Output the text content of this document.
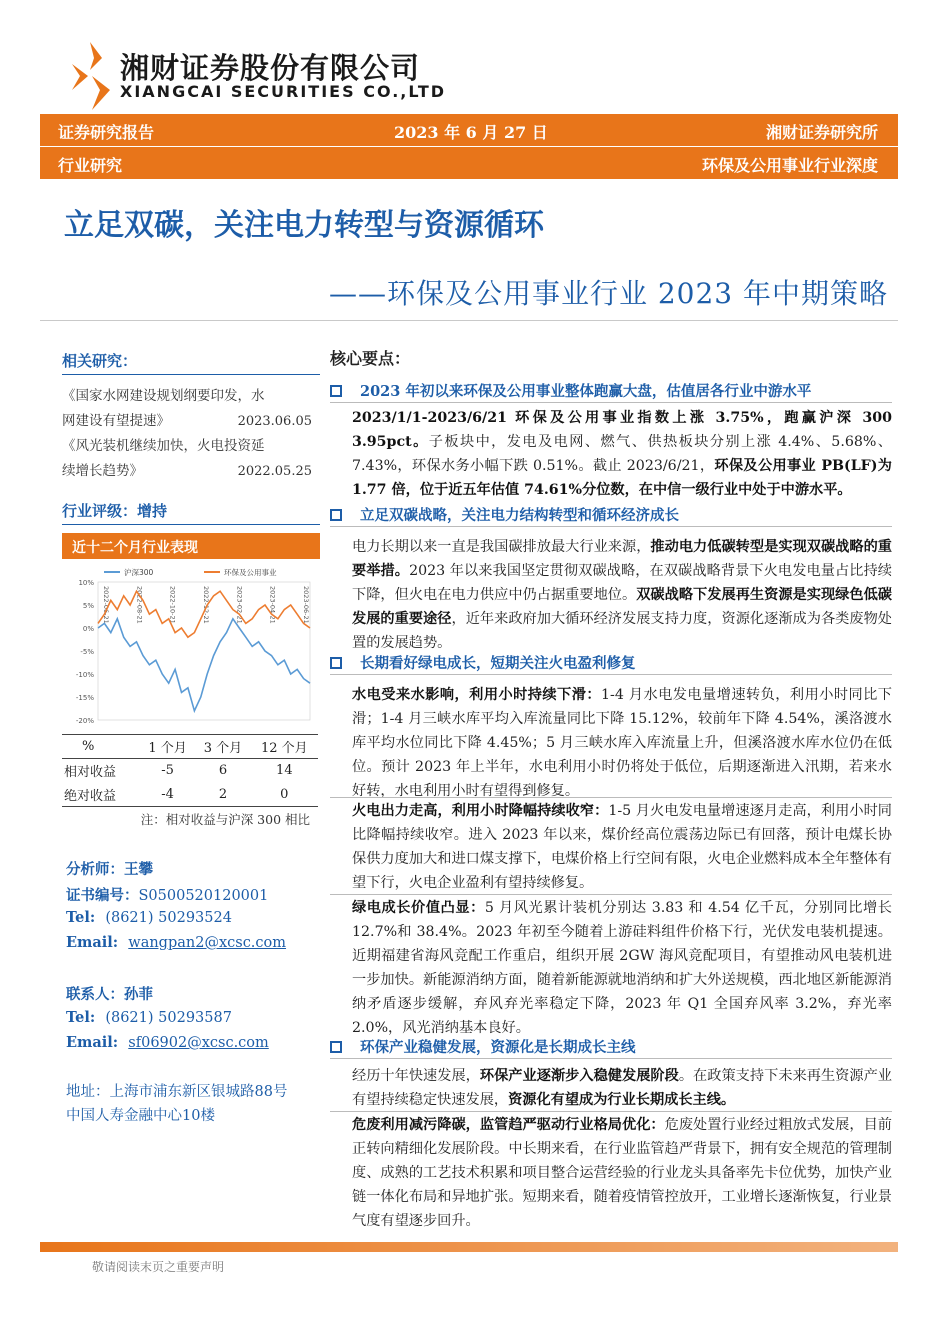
湘财证券股份有限公司
XIANGCAI SECURITIES CO.,LTD
证券研究报告	2023 年 6 月 27 日	湘财证券研究所
行业研究	环保及公用事业行业深度
立足双碳，关注电力转型与资源循环
——环保及公用事业行业 2023 年中期策略
相关研究：
《国家水网建设规划纲要印发，水
网建设有望提速》	2023.06.05
《风光装机继续加快，火电投资延
续增长趋势》	2022.05.25
行业评级：增持
近十二个月行业表现
沪深300	环保及公用事业
10%
5%
0%
-5%
-10%
-15%
-20%
2022-06-21	2022-08-21	2022-10-21	2022-12-21	2023-02-21	2023-04-21	2023-06-21
%	1 个月	3 个月	12 个月
相对收益	-5	6	14
绝对收益	-4	2	0
注：相对收益与沪深 300 相比
分析师：王攀
证书编号：S0500520120001
Tel: (8621) 50293524
Email: wangpan2@xcsc.com
联系人：孙菲
Tel: (8621) 50293587
Email: sf06902@xcsc.com
地址：上海市浦东新区银城路88号
中国人寿金融中心10楼
核心要点：
2023 年初以来环保及公用事业整体跑赢大盘，估值居各行业中游水平
2023/1/1-2023/6/21 环保及公用事业指数上涨 3.75%，跑赢沪深 300 3.95pct。子板块中，发电及电网、燃气、供热板块分别上涨 4.4%、5.68%、7.43%，环保水务小幅下跌 0.51%。截止 2023/6/21，环保及公用事业 PB(LF)为 1.77 倍，位于近五年估值 74.61%分位数，在中信一级行业中处于中游水平。
立足双碳战略，关注电力结构转型和循环经济成长
电力长期以来一直是我国碳排放最大行业来源，推动电力低碳转型是实现双碳战略的重要举措。2023 年以来我国坚定贯彻双碳战略，在双碳战略背景下火电发电量占比持续下降，但火电在电力供应中仍占据重要地位。双碳战略下发展再生资源是实现绿色低碳发展的重要途径，近年来政府加大循环经济发展支持力度，资源化逐渐成为各类废物处置的发展趋势。
长期看好绿电成长，短期关注火电盈利修复
水电受来水影响，利用小时持续下滑：1-4 月水电发电量增速转负，利用小时同比下滑；1-4 月三峡水库平均入库流量同比下降 15.12%，较前年下降 4.54%，溪洛渡水库平均水位同比下降 4.45%；5 月三峡水库入库流量上升，但溪洛渡水库水位仍在低位。预计 2023 年上半年，水电利用小时仍将处于低位，后期逐渐进入汛期，若来水好转，水电利用小时有望得到修复。
火电出力走高，利用小时降幅持续收窄：1-5 月火电发电量增速逐月走高，利用小时同比降幅持续收窄。进入 2023 年以来，煤价经高位震荡边际已有回落，预计电煤长协保供力度加大和进口煤支撑下，电煤价格上行空间有限，火电企业燃料成本全年整体有望下行，火电企业盈利有望持续修复。
绿电成长价值凸显：5 月风光累计装机分别达 3.83 和 4.54 亿千瓦，分别同比增长 12.7%和 38.4%。2023 年初至今随着上游硅料组件价格下行，光伏发电装机提速。近期福建省海风竞配工作重启，组织开展 2GW 海风竞配项目，有望推动风电装机进一步加快。新能源消纳方面，随着新能源就地消纳和扩大外送规模，西北地区新能源消纳矛盾逐步缓解，弃风弃光率稳定下降，2023 年 Q1 全国弃风率 3.2%，弃光率 2.0%，风光消纳基本良好。
环保产业稳健发展，资源化是长期成长主线
经历十年快速发展，环保产业逐渐步入稳健发展阶段。在政策支持下未来再生资源产业有望持续稳定快速发展，资源化有望成为行业长期成长主线。
危废利用减污降碳，监管趋严驱动行业格局优化：危废处置行业经过粗放式发展，目前正转向精细化发展阶段。中长期来看，在行业监管趋严背景下，拥有安全规范的管理制度、成熟的工艺技术积累和项目整合运营经验的行业龙头具备率先卡位优势，加快产业链一体化布局和异地扩张。短期来看，随着疫情管控放开，工业增长逐渐恢复，行业景气度有望逐步回升。
敬请阅读末页之重要声明
